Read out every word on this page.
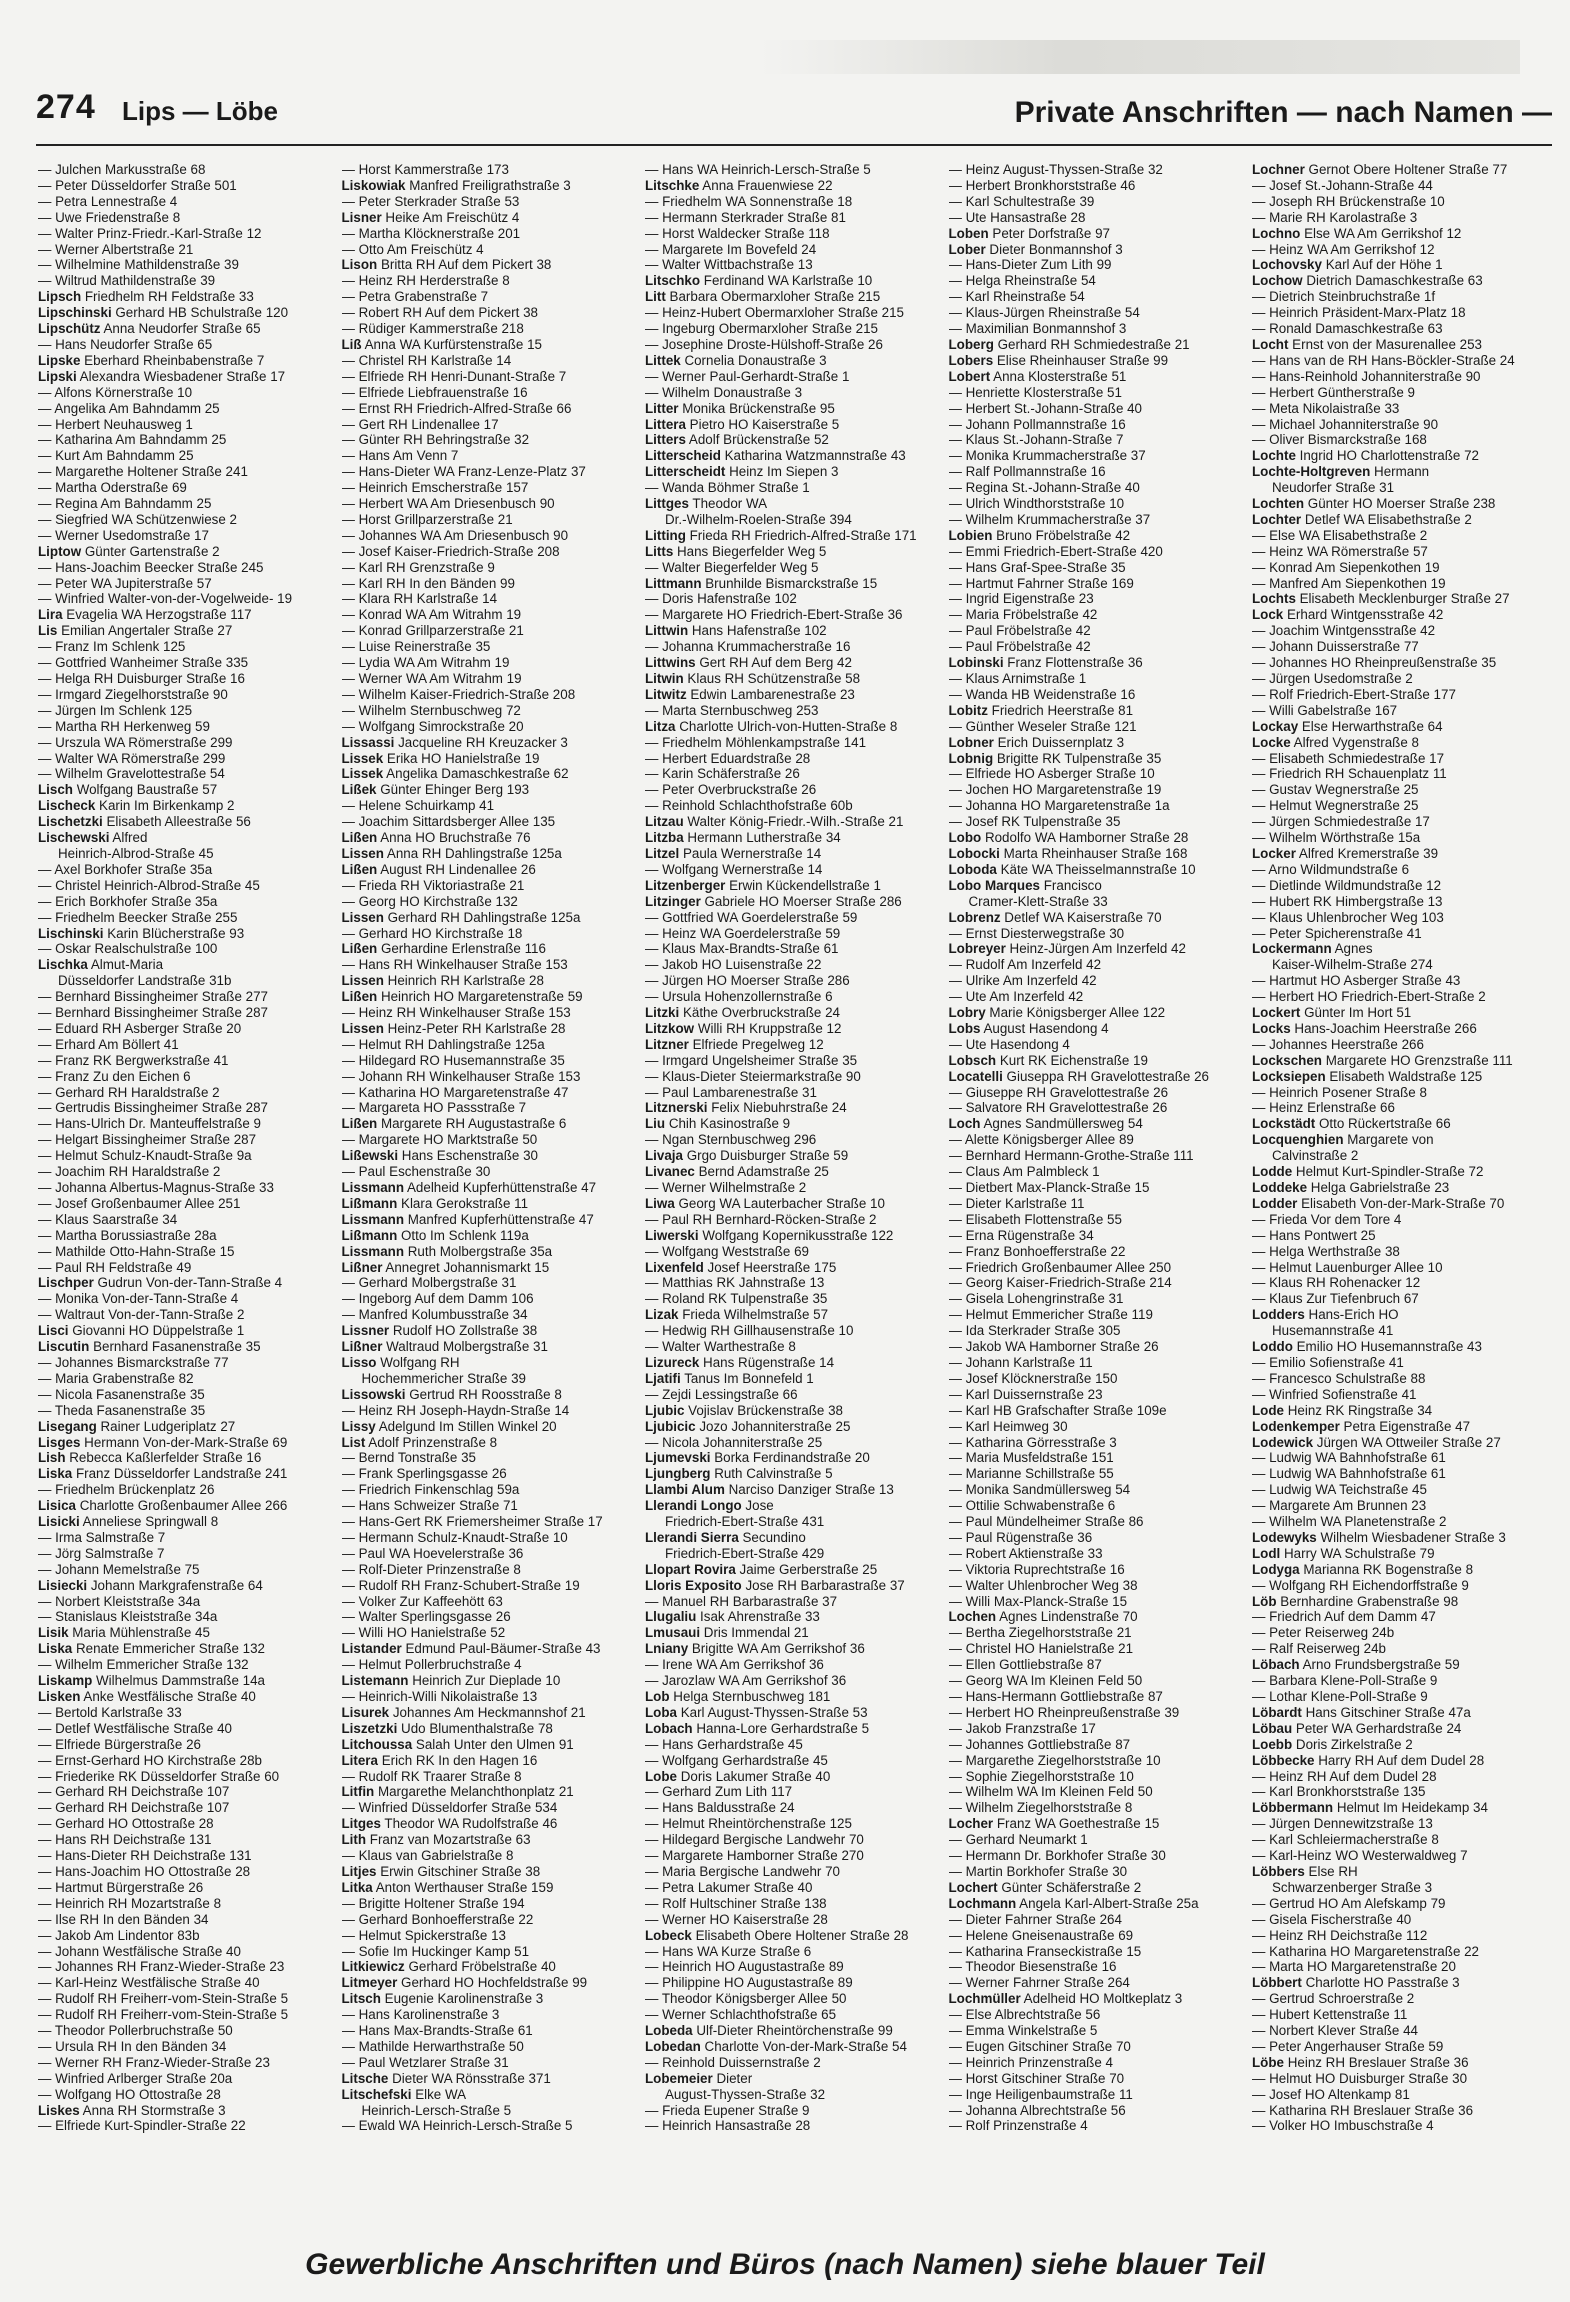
274 Lips — Löbe	Private Anschriften — nach Namen —
— Julchen Markusstraße 68
— Peter Düsseldorfer Straße 501
— Petra Lennestraße 4
— Uwe Friedenstraße 8
— Walter Prinz-Friedr.-Karl-Straße 12
— Werner Albertstraße 21
— Wilhelmine Mathildenstraße 39
— Wiltrud Mathildenstraße 39
Lipsch Friedhelm RH Feldstraße 33
Lipschinski Gerhard HB Schulstraße 120
Lipschütz Anna Neudorfer Straße 65
— Hans Neudorfer Straße 65
Lipske Eberhard Rheinbabenstraße 7
Lipski Alexandra Wiesbadener Straße 17
— Alfons Körnerstraße 10
— Angelika Am Bahndamm 25
— Herbert Neuhausweg 1
— Katharina Am Bahndamm 25
— Kurt Am Bahndamm 25
— Margarethe Holtener Straße 241
— Martha Oderstraße 69
— Regina Am Bahndamm 25
— Siegfried WA Schützenwiese 2
— Werner Usedomstraße 17
Liptow Günter Gartenstraße 2
— Hans-Joachim Beecker Straße 245
— Peter WA Jupiterstraße 57
— Winfried Walter-von-der-Vogelweide- 19
Lira Evagelia WA Herzogstraße 117
Lis Emilian Angertaler Straße 27
— Franz Im Schlenk 125
— Gottfried Wanheimer Straße 335
— Helga RH Duisburger Straße 16
— Irmgard Ziegelhorststraße 90
— Jürgen Im Schlenk 125
— Martha RH Herkenweg 59
— Urszula WA Römerstraße 299
— Walter WA Römerstraße 299
— Wilhelm Gravelottestraße 54
Lisch Wolfgang Baustraße 57
Lischeck Karin Im Birkenkamp 2
Lischetzki Elisabeth Alleestraße 56
Lischewski Alfred
Heinrich-Albrod-Straße 45
— Axel Borkhofer Straße 35a
— Christel Heinrich-Albrod-Straße 45
— Erich Borkhofer Straße 35a
— Friedhelm Beecker Straße 255
Lischinski Karin Blücherstraße 93
— Oskar Realschulstraße 100
Lischka Almut-Maria
Düsseldorfer Landstraße 31b
— Bernhard Bissingheimer Straße 277
— Bernhard Bissingheimer Straße 287
— Eduard RH Asberger Straße 20
— Erhard Am Böllert 41
— Franz RK Bergwerkstraße 41
— Franz Zu den Eichen 6
— Gerhard RH Haraldstraße 2
— Gertrudis Bissingheimer Straße 287
— Hans-Ulrich Dr. Manteuffelstraße 9
— Helgart Bissingheimer Straße 287
— Helmut Schulz-Knaudt-Straße 9a
— Joachim RH Haraldstraße 2
— Johanna Albertus-Magnus-Straße 33
— Josef Großenbaumer Allee 251
— Klaus Saarstraße 34
— Martha Borussiastraße 28a
— Mathilde Otto-Hahn-Straße 15
— Paul RH Feldstraße 49
Lischper Gudrun Von-der-Tann-Straße 4
— Monika Von-der-Tann-Straße 4
— Waltraut Von-der-Tann-Straße 2
Lisci Giovanni HO Düppelstraße 1
Liscutin Bernhard Fasanenstraße 35
— Johannes Bismarckstraße 77
— Maria Grabenstraße 82
— Nicola Fasanenstraße 35
— Theda Fasanenstraße 35
Lisegang Rainer Ludgeriplatz 27
Lisges Hermann Von-der-Mark-Straße 69
Lish Rebecca Kaßlerfelder Straße 16
Liska Franz Düsseldorfer Landstraße 241
— Friedhelm Brückenplatz 26
Lisica Charlotte Großenbaumer Allee 266
Lisicki Anneliese Springwall 8
— Irma Salmstraße 7
— Jörg Salmstraße 7
— Johann Memelstraße 75
Lisiecki Johann Markgrafenstraße 64
— Norbert Kleiststraße 34a
— Stanislaus Kleiststraße 34a
Lisik Maria Mühlenstraße 45
Liska Renate Emmericher Straße 132
— Wilhelm Emmericher Straße 132
Liskamp Wilhelmus Dammstraße 14a
Lisken Anke Westfälische Straße 40
— Bertold Karlstraße 33
— Detlef Westfälische Straße 40
— Elfriede Bürgerstraße 26
— Ernst-Gerhard HO Kirchstraße 28b
— Friederike RK Düsseldorfer Straße 60
— Gerhard RH Deichstraße 107
— Gerhard RH Deichstraße 107
— Gerhard HO Ottostraße 28
— Hans RH Deichstraße 131
— Hans-Dieter RH Deichstraße 131
— Hans-Joachim HO Ottostraße 28
— Hartmut Bürgerstraße 26
— Heinrich RH Mozartstraße 8
— Ilse RH In den Bänden 34
— Jakob Am Lindentor 83b
— Johann Westfälische Straße 40
— Johannes RH Franz-Wieder-Straße 23
— Karl-Heinz Westfälische Straße 40
— Rudolf RH Freiherr-vom-Stein-Straße 5
— Rudolf RH Freiherr-vom-Stein-Straße 5
— Theodor Pollerbruchstraße 50
— Ursula RH In den Bänden 34
— Werner RH Franz-Wieder-Straße 23
— Winfried Arlberger Straße 20a
— Wolfgang HO Ottostraße 28
Liskes Anna RH Stormstraße 3
— Elfriede Kurt-Spindler-Straße 22
— Horst Kammerstraße 173
Liskowiak Manfred Freiligrathstraße 3
— Peter Sterkrader Straße 53
Lisner Heike Am Freischütz 4
— Martha Klöcknerstraße 201
— Otto Am Freischütz 4
Lison Britta RH Auf dem Pickert 38
— Heinz RH Herderstraße 8
— Petra Grabenstraße 7
— Robert RH Auf dem Pickert 38
— Rüdiger Kammerstraße 218
Liß Anna WA Kurfürstenstraße 15
— Christel RH Karlstraße 14
— Elfriede RH Henri-Dunant-Straße 7
— Elfriede Liebfrauenstraße 16
— Ernst RH Friedrich-Alfred-Straße 66
— Gert RH Lindenallee 17
— Günter RH Behringstraße 32
— Hans Am Venn 7
— Hans-Dieter WA Franz-Lenze-Platz 37
— Heinrich Emscherstraße 157
— Herbert WA Am Driesenbusch 90
— Horst Grillparzerstraße 21
— Johannes WA Am Driesenbusch 90
— Josef Kaiser-Friedrich-Straße 208
— Karl RH Grenzstraße 9
— Karl RH In den Bänden 99
— Klara RH Karlstraße 14
— Konrad WA Am Witrahm 19
— Konrad Grillparzerstraße 21
— Luise Reinerstraße 35
— Lydia WA Am Witrahm 19
— Werner WA Am Witrahm 19
— Wilhelm Kaiser-Friedrich-Straße 208
— Wilhelm Sternbuschweg 72
— Wolfgang Simrockstraße 20
Lissassi Jacqueline RH Kreuzacker 3
Lissek Erika HO Hanielstraße 19
Lissek Angelika Damaschkestraße 62
Lißek Günter Ehinger Berg 193
— Helene Schuirkamp 41
— Joachim Sittardsberger Allee 135
Lißen Anna HO Bruchstraße 76
Lissen Anna RH Dahlingstraße 125a
Lißen August RH Lindenallee 26
— Frieda RH Viktoriastraße 21
— Georg HO Kirchstraße 132
Lissen Gerhard RH Dahlingstraße 125a
— Gerhard HO Kirchstraße 18
Lißen Gerhardine Erlenstraße 116
— Hans RH Winkelhauser Straße 153
Lissen Heinrich RH Karlstraße 28
Lißen Heinrich HO Margaretenstraße 59
— Heinz RH Winkelhauser Straße 153
Lissen Heinz-Peter RH Karlstraße 28
— Helmut RH Dahlingstraße 125a
— Hildegard RO Husemannstraße 35
— Johann RH Winkelhauser Straße 153
— Katharina HO Margaretenstraße 47
— Margareta HO Passstraße 7
Lißen Margarete RH Augustastraße 6
— Margarete HO Marktstraße 50
Lißewski Hans Eschenstraße 30
— Paul Eschenstraße 30
Lissmann Adelheid Kupferhüttenstraße 47
Lißmann Klara Gerokstraße 11
Lissmann Manfred Kupferhüttenstraße 47
Lißmann Otto Im Schlenk 119a
Lissmann Ruth Molbergstraße 35a
Lißner Annegret Johannismarkt 15
— Gerhard Molbergstraße 31
— Ingeborg Auf dem Damm 106
— Manfred Kolumbusstraße 34
Lissner Rudolf HO Zollstraße 38
Lißner Waltraud Molbergstraße 31
Lisso Wolfgang RH
Hochemmericher Straße 39
Lissowski Gertrud RH Roosstraße 8
— Heinz RH Joseph-Haydn-Straße 14
Lissy Adelgund Im Stillen Winkel 20
List Adolf Prinzenstraße 8
— Bernd Tonstraße 35
— Frank Sperlingsgasse 26
— Friedrich Finkenschlag 59a
— Hans Schweizer Straße 71
— Hans-Gert RK Friemersheimer Straße 17
— Hermann Schulz-Knaudt-Straße 10
— Paul WA Hoevelerstraße 36
— Rolf-Dieter Prinzenstraße 8
— Rudolf RH Franz-Schubert-Straße 19
— Volker Zur Kaffeehött 63
— Walter Sperlingsgasse 26
— Willi HO Hanielstraße 52
Listander Edmund Paul-Bäumer-Straße 43
— Helmut Pollerbruchstraße 4
Listemann Heinrich Zur Dieplade 10
— Heinrich-Willi Nikolaistraße 13
Lisurek Johannes Am Heckmannshof 21
Liszetzki Udo Blumenthalstraße 78
Litchoussa Salah Unter den Ulmen 91
Litera Erich RK In den Hagen 16
— Rudolf RK Traarer Straße 8
Litfin Margarethe Melanchthonplatz 21
— Winfried Düsseldorfer Straße 534
Litges Theodor WA Rudolfstraße 46
Lith Franz van Mozartstraße 63
— Klaus van Gabrielstraße 8
Litjes Erwin Gitschiner Straße 38
Litka Anton Werthauser Straße 159
— Brigitte Holtener Straße 194
— Gerhard Bonhoefferstraße 22
— Helmut Spickerstraße 13
— Sofie Im Huckinger Kamp 51
Litkiewicz Gerhard Fröbelstraße 40
Litmeyer Gerhard HO Hochfeldstraße 99
Litsch Eugenie Karolinenstraße 3
— Hans Karolinenstraße 3
— Hans Max-Brandts-Straße 61
— Mathilde Herwarthstraße 50
— Paul Wetzlarer Straße 31
Litsche Dieter WA Rönsstraße 371
Litschefski Elke WA
Heinrich-Lersch-Straße 5
— Ewald WA Heinrich-Lersch-Straße 5
— Hans WA Heinrich-Lersch-Straße 5
Litschke Anna Frauenwiese 22
— Friedhelm WA Sonnenstraße 18
— Hermann Sterkrader Straße 81
— Horst Waldecker Straße 118
— Margarete Im Bovefeld 24
— Walter Wittbachstraße 13
Litschko Ferdinand WA Karlstraße 10
Litt Barbara Obermarxloher Straße 215
— Heinz-Hubert Obermarxloher Straße 215
— Ingeburg Obermarxloher Straße 215
— Josephine Droste-Hülshoff-Straße 26
Littek Cornelia Donaustraße 3
— Werner Paul-Gerhardt-Straße 1
— Wilhelm Donaustraße 3
Litter Monika Brückenstraße 95
Littera Pietro HO Kaiserstraße 5
Litters Adolf Brückenstraße 52
Litterscheid Katharina Watzmannstraße 43
Litterscheidt Heinz Im Siepen 3
— Wanda Böhmer Straße 1
Littges Theodor WA
Dr.-Wilhelm-Roelen-Straße 394
Litting Frieda RH Friedrich-Alfred-Straße 171
Litts Hans Biegerfelder Weg 5
— Walter Biegerfelder Weg 5
Littmann Brunhilde Bismarckstraße 15
— Doris Hafenstraße 102
— Margarete HO Friedrich-Ebert-Straße 36
Littwin Hans Hafenstraße 102
— Johanna Krummacherstraße 16
Littwins Gert RH Auf dem Berg 42
Litwin Klaus RH Schützenstraße 58
Litwitz Edwin Lambarenestraße 23
— Marta Sternbuschweg 253
Litza Charlotte Ulrich-von-Hutten-Straße 8
— Friedhelm Möhlenkampstraße 141
— Herbert Eduardstraße 28
— Karin Schäferstraße 26
— Peter Overbruckstraße 26
— Reinhold Schlachthofstraße 60b
Litzau Walter König-Friedr.-Wilh.-Straße 21
Litzba Hermann Lutherstraße 34
Litzel Paula Wernerstraße 14
— Wolfgang Wernerstraße 14
Litzenberger Erwin Kückendellstraße 1
Litzinger Gabriele HO Moerser Straße 286
— Gottfried WA Goerdelerstraße 59
— Heinz WA Goerdelerstraße 59
— Klaus Max-Brandts-Straße 61
— Jakob HO Luisenstraße 22
— Jürgen HO Moerser Straße 286
— Ursula Hohenzollernstraße 6
Litzki Käthe Overbruckstraße 24
Litzkow Willi RH Kruppstraße 12
Litzner Elfriede Pregelweg 12
— Irmgard Ungelsheimer Straße 35
— Klaus-Dieter Steiermarkstraße 90
— Paul Lambarenestraße 31
Litznerski Felix Niebuhrstraße 24
Liu Chih Kasinostraße 9
— Ngan Sternbuschweg 296
Livaja Grgo Duisburger Straße 59
Livanec Bernd Adamstraße 25
— Werner Wilhelmstraße 2
Liwa Georg WA Lauterbacher Straße 10
— Paul RH Bernhard-Röcken-Straße 2
Liwerski Wolfgang Kopernikusstraße 122
— Wolfgang Weststraße 69
Lixenfeld Josef Heerstraße 175
— Matthias RK Jahnstraße 13
— Roland RK Tulpenstraße 35
Lizak Frieda Wilhelmstraße 57
— Hedwig RH Gillhausenstraße 10
— Walter Warthestraße 8
Lizureck Hans Rügenstraße 14
Ljatifi Tanus Im Bonnefeld 1
— Zejdi Lessingstraße 66
Ljubic Vojislav Brückenstraße 38
Ljubicic Jozo Johanniterstraße 25
— Nicola Johanniterstraße 25
Ljumevski Borka Ferdinandstraße 20
Ljungberg Ruth Calvinstraße 5
Llambi Alum Narciso Danziger Straße 13
Llerandi Longo Jose
Friedrich-Ebert-Straße 431
Llerandi Sierra Secundino
Friedrich-Ebert-Straße 429
Llopart Rovira Jaime Gerberstraße 25
Lloris Exposito Jose RH Barbarastraße 37
— Manuel RH Barbarastraße 37
Llugaliu Isak Ahrenstraße 33
Lmusaui Dris Immendal 21
Lniany Brigitte WA Am Gerrikshof 36
— Irene WA Am Gerrikshof 36
— Jarozlaw WA Am Gerrikshof 36
Lob Helga Sternbuschweg 181
Loba Karl August-Thyssen-Straße 53
Lobach Hanna-Lore Gerhardstraße 5
— Hans Gerhardstraße 45
— Wolfgang Gerhardstraße 45
Lobe Doris Lakumer Straße 40
— Gerhard Zum Lith 117
— Hans Baldusstraße 24
— Helmut Rheintörchenstraße 125
— Hildegard Bergische Landwehr 70
— Margarete Hamborner Straße 270
— Maria Bergische Landwehr 70
— Petra Lakumer Straße 40
— Rolf Hultschiner Straße 138
— Werner HO Kaiserstraße 28
Lobeck Elisabeth Obere Holtener Straße 28
— Hans WA Kurze Straße 6
— Heinrich HO Augustastraße 89
— Philippine HO Augustastraße 89
— Theodor Königsberger Allee 50
— Werner Schlachthofstraße 65
Lobeda Ulf-Dieter Rheintörchenstraße 99
Lobedan Charlotte Von-der-Mark-Straße 54
— Reinhold Duissernstraße 2
Lobemeier Dieter
August-Thyssen-Straße 32
— Frieda Eupener Straße 9
— Heinrich Hansastraße 28
— Heinz August-Thyssen-Straße 32
— Herbert Bronkhorststraße 46
— Karl Schultestraße 39
— Ute Hansastraße 28
Loben Peter Dorfstraße 97
Lober Dieter Bonmannshof 3
— Hans-Dieter Zum Lith 99
— Helga Rheinstraße 54
— Karl Rheinstraße 54
— Klaus-Jürgen Rheinstraße 54
— Maximilian Bonmannshof 3
Loberg Gerhard RH Schmiedestraße 21
Lobers Elise Rheinhauser Straße 99
Lobert Anna Klosterstraße 51
— Henriette Klosterstraße 51
— Herbert St.-Johann-Straße 40
— Johann Pollmannstraße 16
— Klaus St.-Johann-Straße 7
— Monika Krummacherstraße 37
— Ralf Pollmannstraße 16
— Regina St.-Johann-Straße 40
— Ulrich Windthorststraße 10
— Wilhelm Krummacherstraße 37
Lobien Bruno Fröbelstraße 42
— Emmi Friedrich-Ebert-Straße 420
— Hans Graf-Spee-Straße 35
— Hartmut Fahrner Straße 169
— Ingrid Eigenstraße 23
— Maria Fröbelstraße 42
— Paul Fröbelstraße 42
— Paul Fröbelstraße 42
Lobinski Franz Flottenstraße 36
— Klaus Arnimstraße 1
— Wanda HB Weidenstraße 16
Lobitz Friedrich Heerstraße 81
— Günther Weseler Straße 121
Lobner Erich Duissernplatz 3
Lobnig Brigitte RK Tulpenstraße 35
— Elfriede HO Asberger Straße 10
— Jochen HO Margaretenstraße 19
— Johanna HO Margaretenstraße 1a
— Josef RK Tulpenstraße 35
Lobo Rodolfo WA Hamborner Straße 28
Lobocki Marta Rheinhauser Straße 168
Loboda Käte WA Theisselmannstraße 10
Lobo Marques Francisco
Cramer-Klett-Straße 33
Lobrenz Detlef WA Kaiserstraße 70
— Ernst Diesterwegstraße 30
Lobreyer Heinz-Jürgen Am Inzerfeld 42
— Rudolf Am Inzerfeld 42
— Ulrike Am Inzerfeld 42
— Ute Am Inzerfeld 42
Lobry Marie Königsberger Allee 122
Lobs August Hasendong 4
— Ute Hasendong 4
Lobsch Kurt RK Eichenstraße 19
Locatelli Giuseppa RH Gravelottestraße 26
— Giuseppe RH Gravelottestraße 26
— Salvatore RH Gravelottestraße 26
Loch Agnes Sandmüllersweg 54
— Alette Königsberger Allee 89
— Bernhard Hermann-Grothe-Straße 111
— Claus Am Palmbleck 1
— Dietbert Max-Planck-Straße 15
— Dieter Karlstraße 11
— Elisabeth Flottenstraße 55
— Erna Rügenstraße 34
— Franz Bonhoefferstraße 22
— Friedrich Großenbaumer Allee 250
— Georg Kaiser-Friedrich-Straße 214
— Gisela Lohengrinstraße 31
— Helmut Emmericher Straße 119
— Ida Sterkrader Straße 305
— Jakob WA Hamborner Straße 26
— Johann Karlstraße 11
— Josef Klöcknerstraße 150
— Karl Duissernstraße 23
— Karl HB Grafschafter Straße 109e
— Karl Heimweg 30
— Katharina Görresstraße 3
— Maria Musfeldstraße 151
— Marianne Schillstraße 55
— Monika Sandmüllersweg 54
— Ottilie Schwabenstraße 6
— Paul Mündelheimer Straße 86
— Paul Rügenstraße 36
— Robert Aktienstraße 33
— Viktoria Ruprechtstraße 16
— Walter Uhlenbrocher Weg 38
— Willi Max-Planck-Straße 15
Lochen Agnes Lindenstraße 70
— Bertha Ziegelhorststraße 21
— Christel HO Hanielstraße 21
— Ellen Gottliebstraße 87
— Georg WA Im Kleinen Feld 50
— Hans-Hermann Gottliebstraße 87
— Herbert HO Rheinpreußenstraße 39
— Jakob Franzstraße 17
— Johannes Gottliebstraße 87
— Margarethe Ziegelhorststraße 10
— Sophie Ziegelhorststraße 10
— Wilhelm WA Im Kleinen Feld 50
— Wilhelm Ziegelhorststraße 8
Locher Franz WA Goethestraße 15
— Gerhard Neumarkt 1
— Hermann Dr. Borkhofer Straße 30
— Martin Borkhofer Straße 30
Lochert Günter Schäferstraße 2
Lochmann Angela Karl-Albert-Straße 25a
— Dieter Fahrner Straße 264
— Helene Gneisenaustraße 69
— Katharina Franseckistraße 15
— Theodor Biesenstraße 16
— Werner Fahrner Straße 264
Lochmüller Adelheid HO Moltkeplatz 3
— Else Albrechtstraße 56
— Emma Winkelstraße 5
— Eugen Gitschiner Straße 70
— Heinrich Prinzenstraße 4
— Horst Gitschiner Straße 70
— Inge Heiligenbaumstraße 11
— Johanna Albrechtstraße 56
— Rolf Prinzenstraße 4
Lochner Gernot Obere Holtener Straße 77
— Josef St.-Johann-Straße 44
— Joseph RH Brückenstraße 10
— Marie RH Karolastraße 3
Lochno Else WA Am Gerrikshof 12
— Heinz WA Am Gerrikshof 12
Lochovsky Karl Auf der Höhe 1
Lochow Dietrich Damaschkestraße 63
— Dietrich Steinbruchstraße 1f
— Heinrich Präsident-Marx-Platz 18
— Ronald Damaschkestraße 63
Locht Ernst von der Masurenallee 253
— Hans van de RH Hans-Böckler-Straße 24
— Hans-Reinhold Johanniterstraße 90
— Herbert Güntherstraße 9
— Meta Nikolaistraße 33
— Michael Johanniterstraße 90
— Oliver Bismarckstraße 168
Lochte Ingrid HO Charlottenstraße 72
Lochte-Holtgreven Hermann
Neudorfer Straße 31
Lochten Günter HO Moerser Straße 238
Lochter Detlef WA Elisabethstraße 2
— Else WA Elisabethstraße 2
— Heinz WA Römerstraße 57
— Konrad Am Siepenkothen 19
— Manfred Am Siepenkothen 19
Lochts Elisabeth Mecklenburger Straße 27
Lock Erhard Wintgensstraße 42
— Joachim Wintgensstraße 42
— Johann Duisserstraße 77
— Johannes HO Rheinpreußenstraße 35
— Jürgen Usedomstraße 2
— Rolf Friedrich-Ebert-Straße 177
— Willi Gabelstraße 167
Lockay Else Herwarthstraße 64
Locke Alfred Vygenstraße 8
— Elisabeth Schmiedestraße 17
— Friedrich RH Schauenplatz 11
— Gustav Wegnerstraße 25
— Helmut Wegnerstraße 25
— Jürgen Schmiedestraße 17
— Wilhelm Wörthstraße 15a
Locker Alfred Kremerstraße 39
— Arno Wildmundstraße 6
— Dietlinde Wildmundstraße 12
— Hubert RK Himbergstraße 13
— Klaus Uhlenbrocher Weg 103
— Peter Spicherenstraße 41
Lockermann Agnes
Kaiser-Wilhelm-Straße 274
— Hartmut HO Asberger Straße 43
— Herbert HO Friedrich-Ebert-Straße 2
Lockert Günter Im Hort 51
Locks Hans-Joachim Heerstraße 266
— Johannes Heerstraße 266
Lockschen Margarete HO Grenzstraße 111
Locksiepen Elisabeth Waldstraße 125
— Heinrich Posener Straße 8
— Heinz Erlenstraße 66
Lockstädt Otto Rückertstraße 66
Locquenghien Margarete von
Calvinstraße 2
Lodde Helmut Kurt-Spindler-Straße 72
Loddeke Helga Gabrielstraße 23
Lodder Elisabeth Von-der-Mark-Straße 70
— Frieda Vor dem Tore 4
— Hans Pontwert 25
— Helga Werthstraße 38
— Helmut Lauenburger Allee 10
— Klaus RH Rohenacker 12
— Klaus Zur Tiefenbruch 67
Lodders Hans-Erich HO
Husemannstraße 41
Loddo Emilio HO Husemannstraße 43
— Emilio Sofienstraße 41
— Francesco Schulstraße 88
— Winfried Sofienstraße 41
Lode Heinz RK Ringstraße 34
Lodenkemper Petra Eigenstraße 47
Lodewick Jürgen WA Ottweiler Straße 27
— Ludwig WA Bahnhofstraße 61
— Ludwig WA Bahnhofstraße 61
— Ludwig WA Teichstraße 45
— Margarete Am Brunnen 23
— Wilhelm WA Planetenstraße 2
Lodewyks Wilhelm Wiesbadener Straße 3
Lodl Harry WA Schulstraße 79
Lodyga Marianna RK Bogenstraße 8
— Wolfgang RH Eichendorffstraße 9
Löb Bernhardine Grabenstraße 98
— Friedrich Auf dem Damm 47
— Peter Reiserweg 24b
— Ralf Reiserweg 24b
Löbach Arno Frundsbergstraße 59
— Barbara Klene-Poll-Straße 9
— Lothar Klene-Poll-Straße 9
Löbardt Hans Gitschiner Straße 47a
Löbau Peter WA Gerhardstraße 24
Loebb Doris Zirkelstraße 2
Löbbecke Harry RH Auf dem Dudel 28
— Heinz RH Auf dem Dudel 28
— Karl Bronkhorststraße 135
Löbbermann Helmut Im Heidekamp 34
— Jürgen Dennewitzstraße 13
— Karl Schleiermacherstraße 8
— Karl-Heinz WO Westerwaldweg 7
Löbbers Else RH
Schwarzenberger Straße 3
— Gertrud HO Am Alefskamp 79
— Gisela Fischerstraße 40
— Heinz RH Deichstraße 112
— Katharina HO Margaretenstraße 22
— Marta HO Margaretenstraße 20
Löbbert Charlotte HO Passtraße 3
— Gertrud Schroerstraße 2
— Hubert Kettenstraße 11
— Norbert Klever Straße 44
— Peter Angerhauser Straße 59
Löbe Heinz RH Breslauer Straße 36
— Helmut HO Duisburger Straße 30
— Josef HO Altenkamp 81
— Katharina RH Breslauer Straße 36
— Volker HO Imbuschstraße 4
Gewerbliche Anschriften und Büros (nach Namen) siehe blauer Teil
